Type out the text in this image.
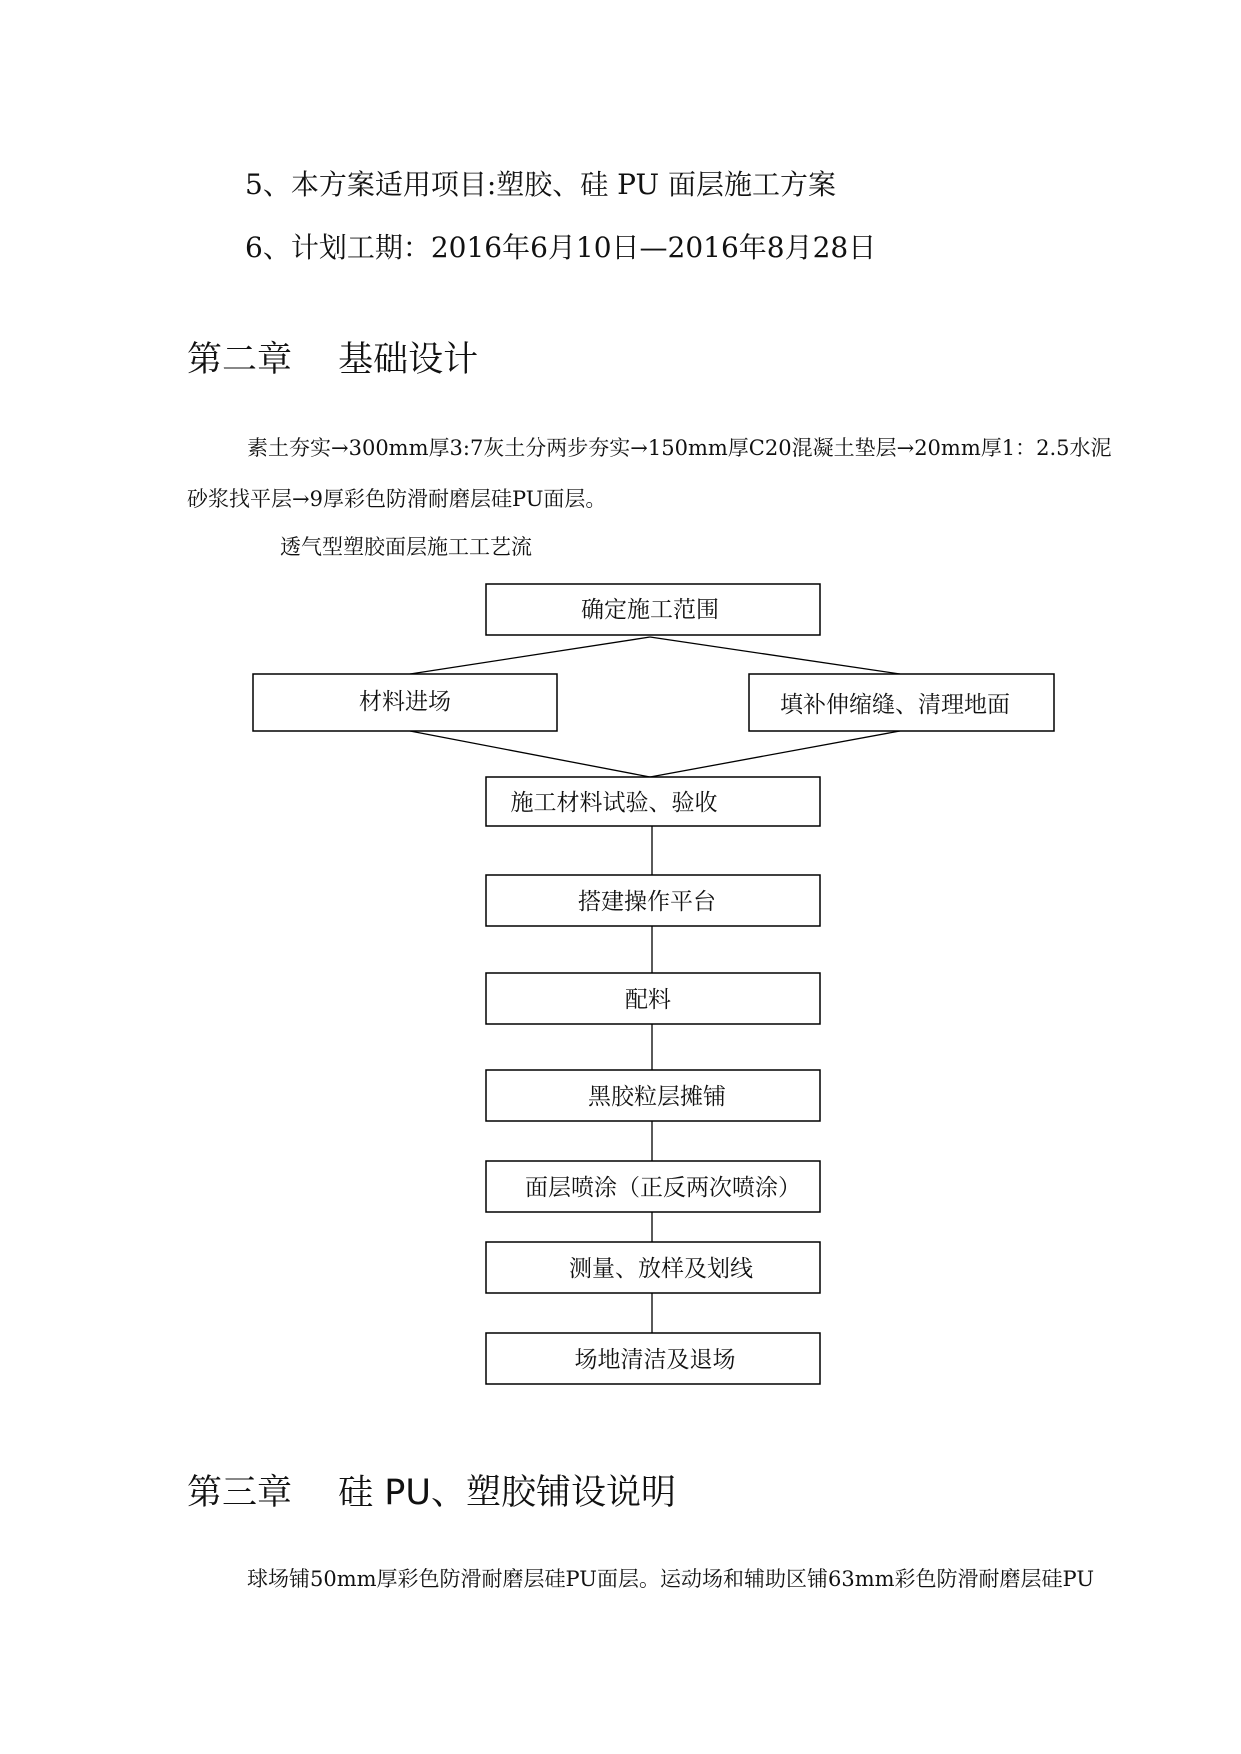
5、本方案适用项目:塑胶、硅 PU 面层施工方案
6、计划工期：2016年6月10日—2016年8月28日
第二章　 基础设计
素土夯实→300mm厚3:7灰土分两步夯实→150mm厚C20混凝土垫层→20mm厚1：2.5水泥
砂浆找平层→9厚彩色防滑耐磨层硅PU面层。
透气型塑胶面层施工工艺流
确定施工范围
材料进场	填补伸缩缝、清理地面
施工材料试验、验收
搭建操作平台
配料
黑胶粒层摊铺
面层喷涂（正反两次喷涂）
测量、放样及划线
场地清洁及退场
第三章　 硅 PU、塑胶铺设说明
球场铺50mm厚彩色防滑耐磨层硅PU面层。运动场和辅助区铺63mm彩色防滑耐磨层硅PU
